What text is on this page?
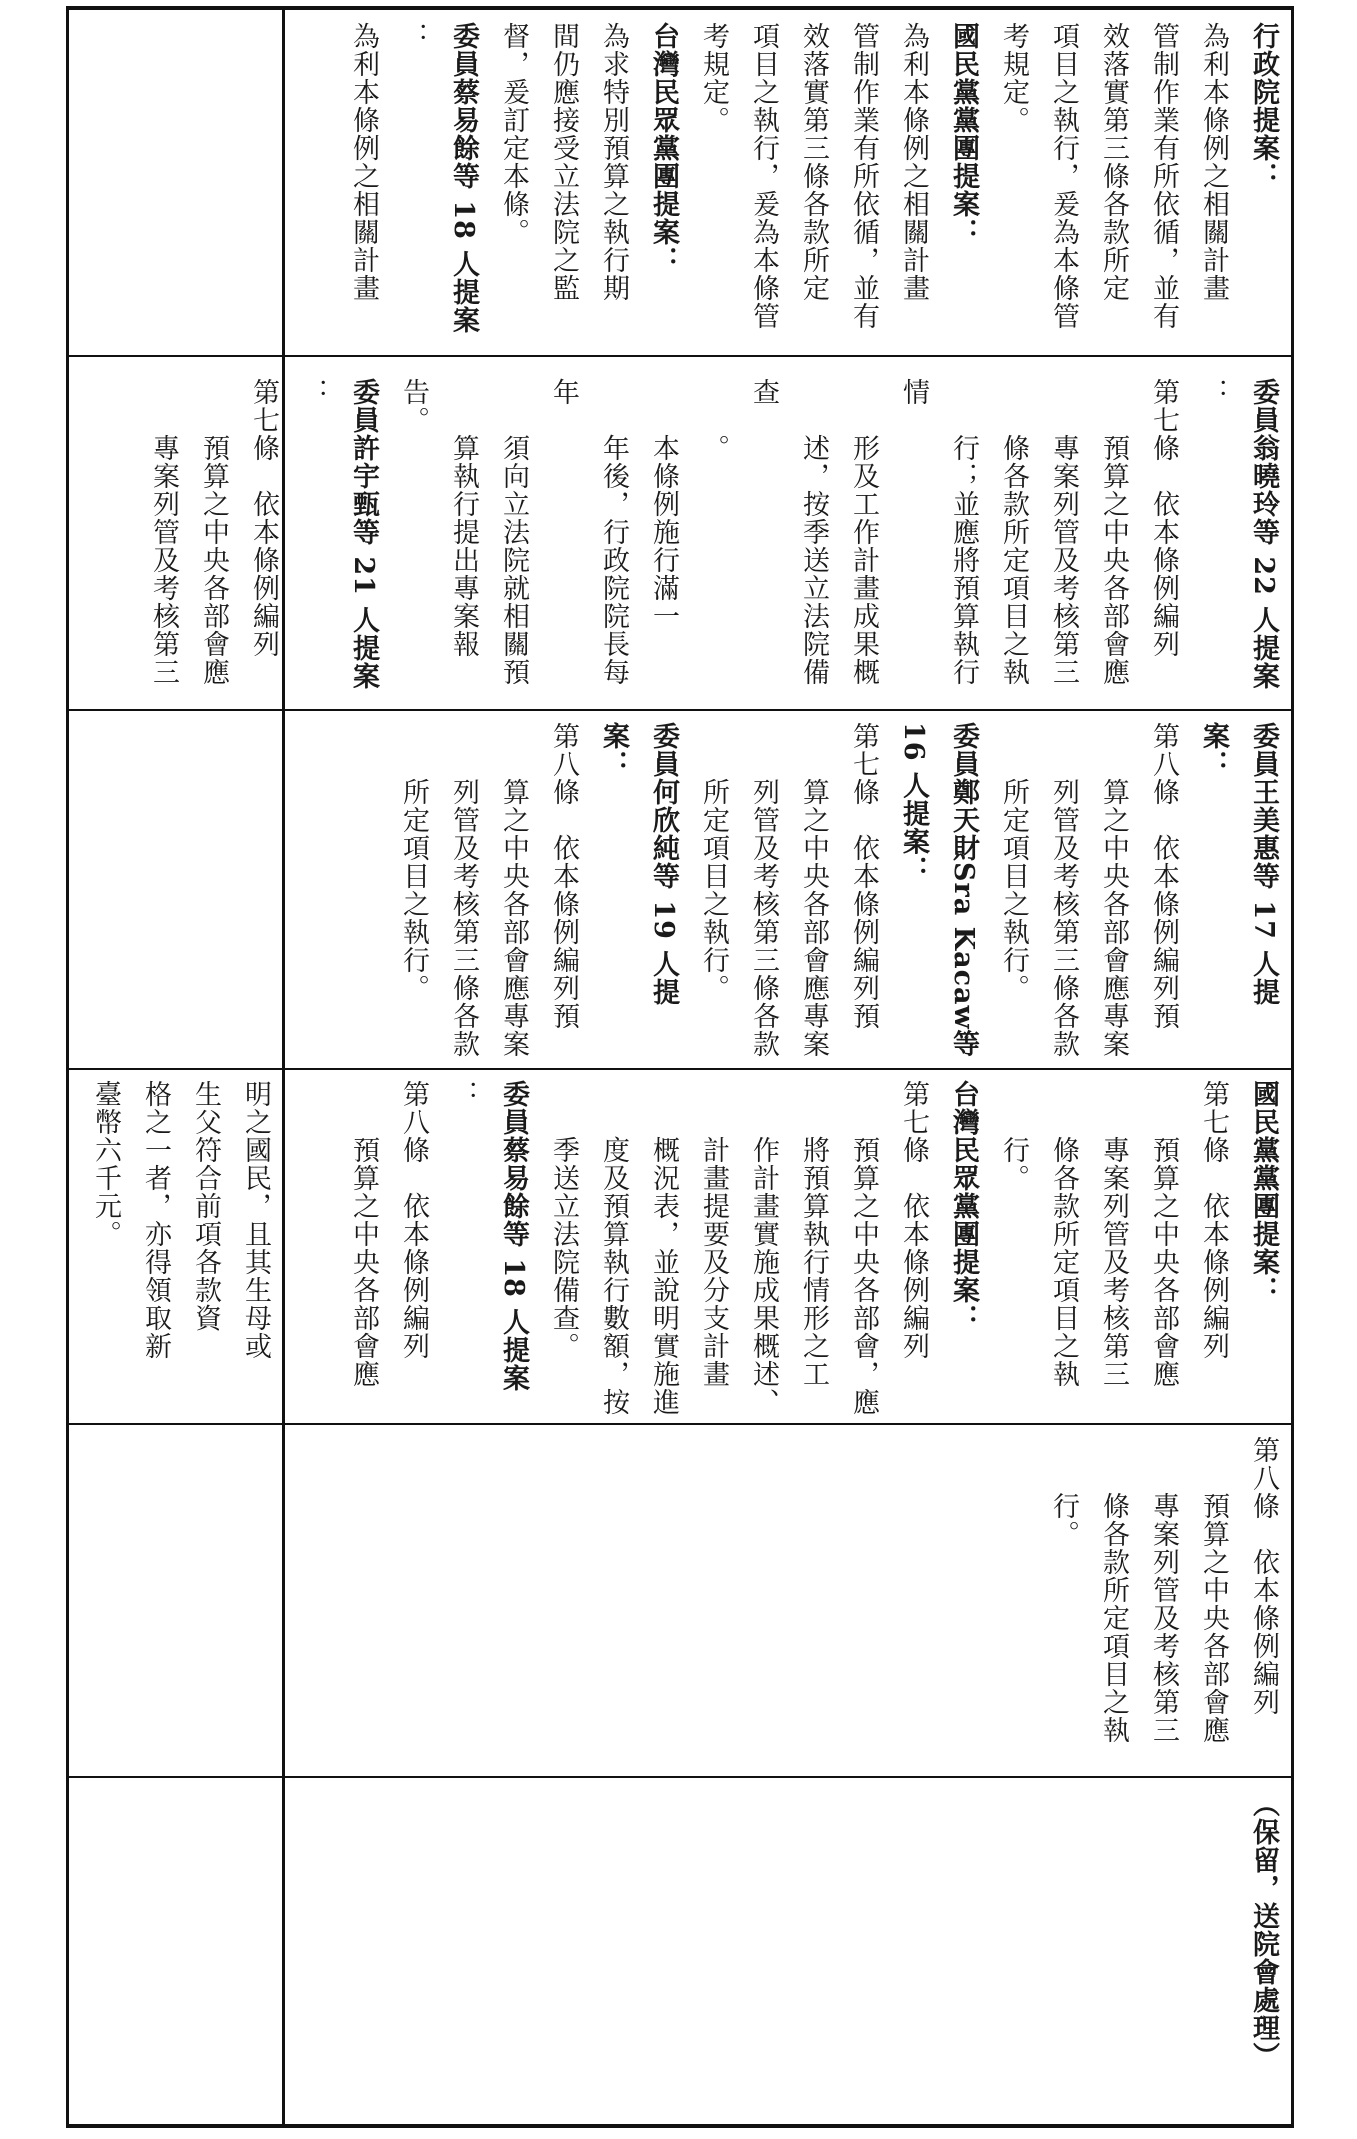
行政院提案：
為利本條例之相關計畫
管制作業有所依循，並有
效落實第三條各款所定
項目之執行，爰為本條管
考規定。
國民黨黨團提案：
為利本條例之相關計畫
管制作業有所依循，並有
效落實第三條各款所定
項目之執行，爰為本條管
考規定。
台灣民眾黨團提案：
為求特別預算之執行期
間仍應接受立法院之監
督，爰訂定本條。
委員蔡易餘等 18 人提案
：
為利本條例之相關計畫
委員翁曉玲等 22 人提案
：
第七條　依本條例編列
　　預算之中央各部會應
　　專案列管及考核第三
　　條各款所定項目之執
　　行；並應將預算執行情
　　形及工作計畫成果概
　　述，按季送立法院備查
　　。
　　本條例施行滿一
　　年後，行政院院長每年
　　須向立法院就相關預
　　算執行提出專案報告。
委員許宇甄等 21 人提案
：
第七條　依本條例編列
　　預算之中央各部會應
　　專案列管及考核第三
委員王美惠等 17 人提案：
第八條　依本條例編列預
　　算之中央各部會應專案
　　列管及考核第三條各款
　　所定項目之執行。
委員鄭天財Sra Kacaw等
16 人提案：
第七條　依本條例編列預
　　算之中央各部會應專案
　　列管及考核第三條各款
　　所定項目之執行。
委員何欣純等 19 人提案：
第八條　依本條例編列預
　　算之中央各部會應專案
　　列管及考核第三條各款
　　所定項目之執行。
明之國民，且其生母或
生父符合前項各款資
格之一者，亦得領取新
臺幣六千元。	國民黨黨團提案：
第七條　依本條例編列
　　預算之中央各部會應
　　專案列管及考核第三
　　條各款所定項目之執
　　行。
台灣民眾黨團提案：
第七條　依本條例編列
　　預算之中央各部會，應
　　將預算執行情形之工
　　作計畫實施成果概述、
　　計畫提要及分支計畫
　　概況表，並說明實施進
　　度及預算執行數額，按
　　季送立法院備查。
委員蔡易餘等 18 人提案
：
第八條　依本條例編列
　　預算之中央各部會應
第八條　依本條例編列
　　預算之中央各部會應
　　專案列管及考核第三
　　條各款所定項目之執
　　行。
（保留，送院會處理）
